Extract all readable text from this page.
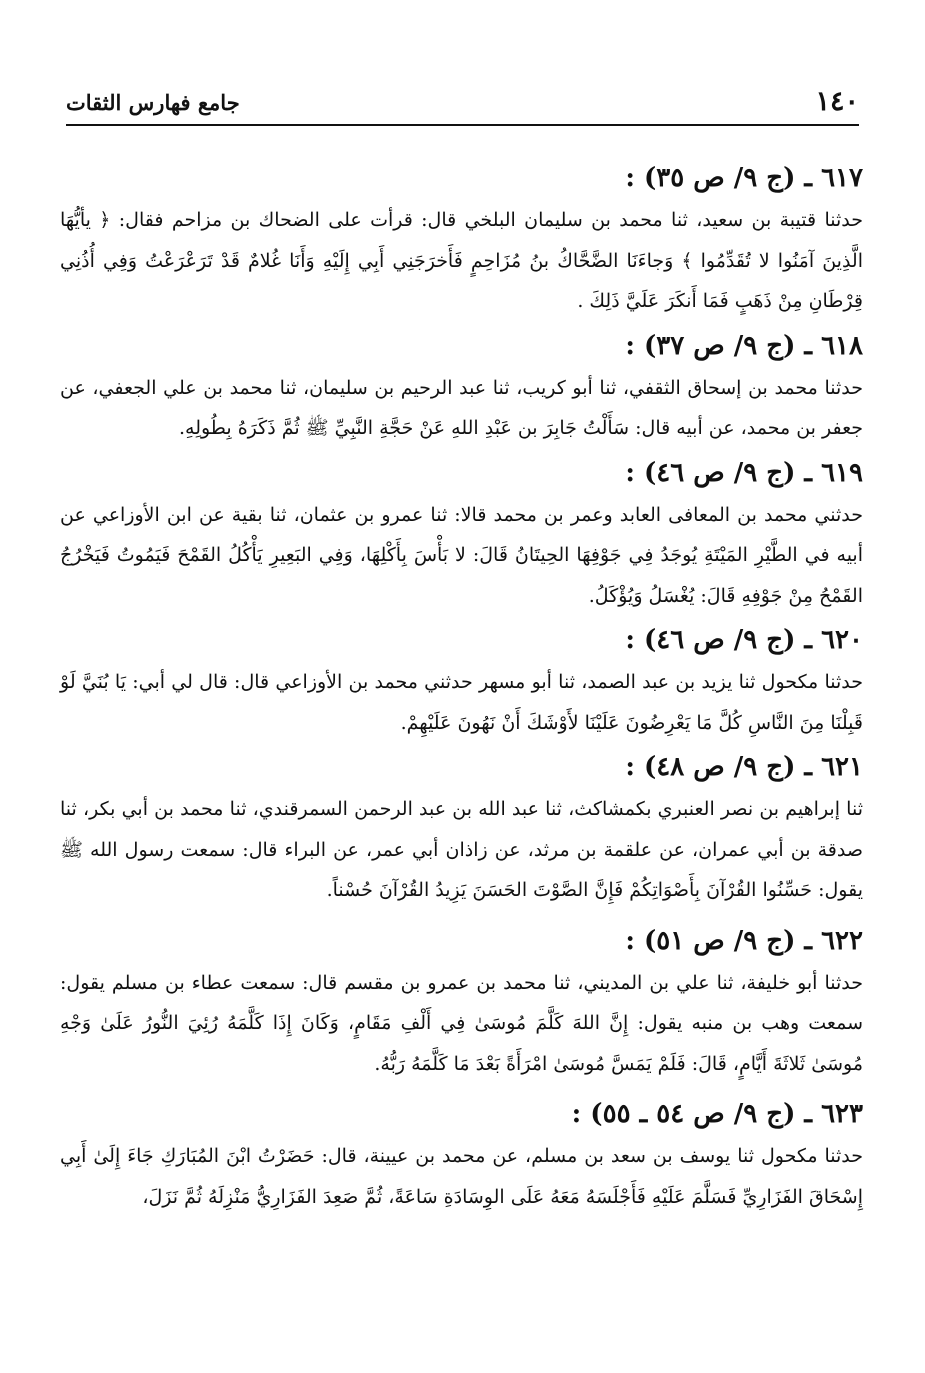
١٤٠
جامع فهارس الثقات
٦١٧ ـ (ج ٩/ ص ٣٥) :

حدثنا قتيبة بن سعيد، ثنا محمد بن سليمان البلخي قال: قرأت على الضحاك بن مزاحم فقال: ﴿ يأيُّهَا الَّذِينَ آمَنُوا لا تُقَدِّمُوا ﴾ وَجاءَنَا الضَّحَّاكُ بنُ مُزَاحِمٍ فَأَخرَجَنِي أَبِي إِلَيْهِ وَأَنَا غُلامٌ قَدْ تَرَعْرَعْتُ وَفِي أُذُنِي قِرْطَانِ مِنْ ذَهَبٍ فَمَا أَنكَرَ عَلَيَّ ذَلِكَ .

٦١٨ ـ (ج ٩/ ص ٣٧) :

حدثنا محمد بن إسحاق الثقفي، ثنا أبو كريب، ثنا عبد الرحيم بن سليمان، ثنا محمد بن علي الجعفي، عن جعفر بن محمد، عن أبيه قال: سَأَلْتُ جَابِرَ بن عَبْدِ اللهِ عَنْ حَجَّةِ النَّبِيِّ ﷺ ثُمَّ ذَكَرَهُ بِطُولِهِ.

٦١٩ ـ (ج ٩/ ص ٤٦) :

حدثني محمد بن المعافى العابد وعمر بن محمد قالا: ثنا عمرو بن عثمان، ثنا بقية عن ابن الأوزاعي عن أبيه في الطَّيْرِ المَيْتَةِ يُوجَدُ فِي جَوْفِهَا الحِيتَانُ قَالَ: لا بَأْسَ بِأَكْلِهَا، وَفِي البَعِيرِ يَأْكُلُ القَمْحَ فَيَمُوتُ فَيَخْرُجُ القَمْحُ مِنْ جَوْفِهِ قَالَ: يُغْسَلُ وَيُؤْكَلُ.

٦٢٠ ـ (ج ٩/ ص ٤٦) :

حدثنا مكحول ثنا يزيد بن عبد الصمد، ثنا أبو مسهر حدثني محمد بن الأوزاعي قال: قال لي أبي: يَا بُنَيَّ لَوْ قَبِلْنَا مِنَ النَّاسِ كُلَّ مَا يَعْرِضُونَ عَلَيْنَا لأَوْشَكَ أَنْ نَهُونَ عَلَيْهِمْ.

٦٢١ ـ (ج ٩/ ص ٤٨) :

ثنا إبراهيم بن نصر العنبري بكمشاكث، ثنا عبد الله بن عبد الرحمن السمرقندي، ثنا محمد بن أبي بكر، ثنا صدقة بن أبي عمران، عن علقمة بن مرثد، عن زاذان أبي عمر، عن البراء قال: سمعت رسول الله ﷺ يقول: حَسِّنُوا القُرْآنَ بِأَصْوَاتِكُمْ فَإِنَّ الصَّوْتَ الحَسَنَ يَزِيدُ القُرْآنَ حُسْناً.

٦٢٢ ـ (ج ٩/ ص ٥١) :

حدثنا أبو خليفة، ثنا علي بن المديني، ثنا محمد بن عمرو بن مقسم قال: سمعت عطاء بن مسلم يقول: سمعت وهب بن منبه يقول: إِنَّ اللهَ كَلَّمَ مُوسَىٰ فِي أَلْفِ مَقَامٍ، وَكَانَ إِذَا كَلَّمَهُ رُئِيَ النُّورُ عَلَىٰ وَجْهِ مُوسَىٰ ثَلاثَةَ أَيَّامٍ، قَالَ: فَلَمْ يَمَسَّ مُوسَىٰ امْرَأَةً بَعْدَ مَا كَلَّمَهُ رَبُّهُ.

٦٢٣ ـ (ج ٩/ ص ٥٤ ـ ٥٥) :

حدثنا مكحول ثنا يوسف بن سعد بن مسلم، عن محمد بن عيينة، قال: حَضَرْتُ ابْنَ المُبَارَكِ جَاءَ إِلَىٰ أَبِي إِسْحَاقَ الفَزَارِيِّ فَسَلَّمَ عَلَيْهِ فَأَجْلَسَهُ مَعَهُ عَلَى الوِسَادَةِ سَاعَةً، ثُمَّ صَعِدَ الفَزَارِيُّ مَنْزِلَهُ ثُمَّ نَزَلَ،
